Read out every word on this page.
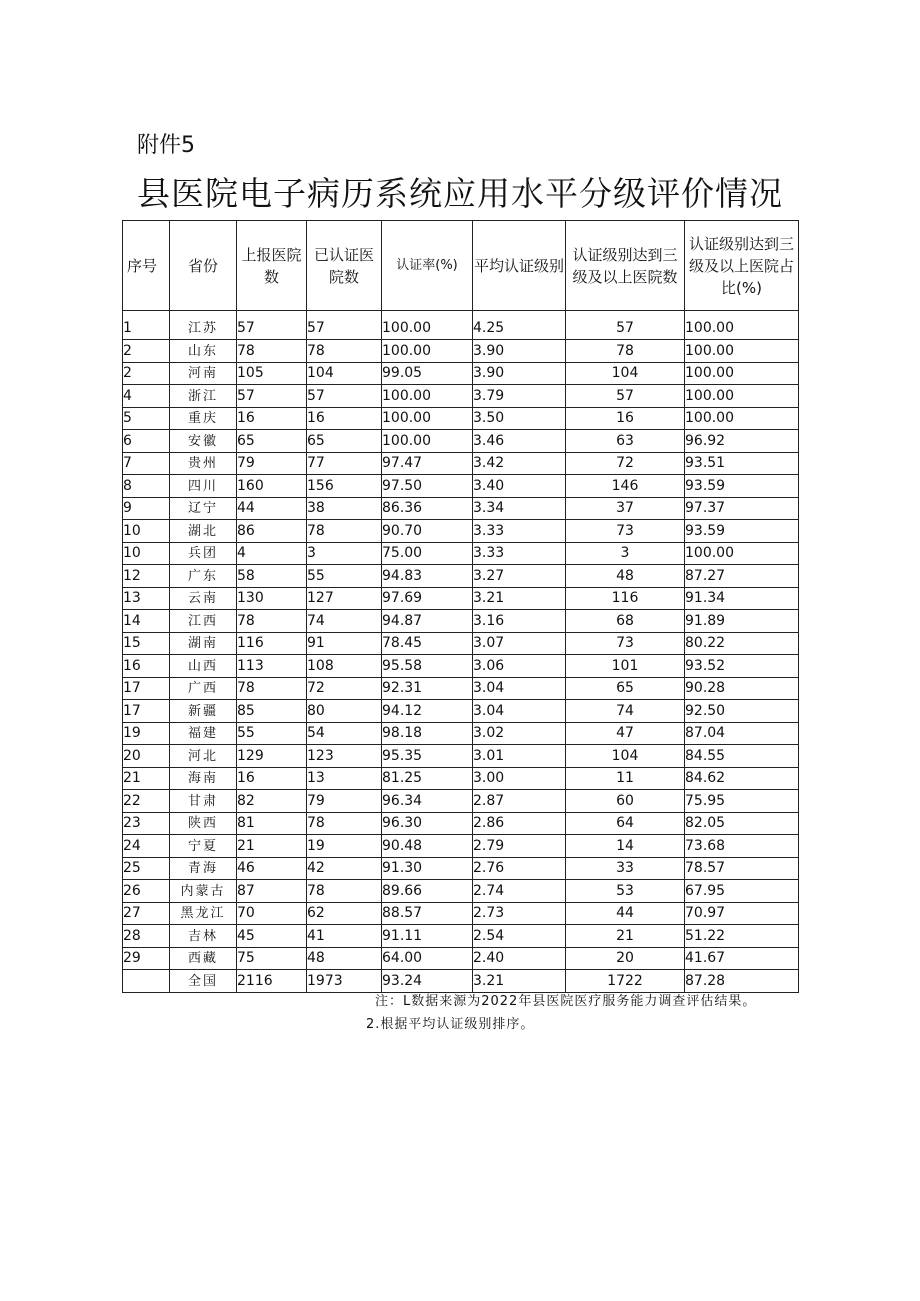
附件5
县医院电子病历系统应用水平分级评价情况
序号	省份	上报医院数	已认证医院数	认证率(%)	平均认证级别	认证级别达到三级及以上医院数	认证级别达到三级及以上医院占比(%)
1	江苏	57	57	100.00	4.25	57	100.00
2	山东	78	78	100.00	3.90	78	100.00
2	河南	105	104	99.05	3.90	104	100.00
4	浙江	57	57	100.00	3.79	57	100.00
5	重庆	16	16	100.00	3.50	16	100.00
6	安徽	65	65	100.00	3.46	63	96.92
7	贵州	79	77	97.47	3.42	72	93.51
8	四川	160	156	97.50	3.40	146	93.59
9	辽宁	44	38	86.36	3.34	37	97.37
10	湖北	86	78	90.70	3.33	73	93.59
10	兵团	4	3	75.00	3.33	3	100.00
12	广东	58	55	94.83	3.27	48	87.27
13	云南	130	127	97.69	3.21	116	91.34
14	江西	78	74	94.87	3.16	68	91.89
15	湖南	116	91	78.45	3.07	73	80.22
16	山西	113	108	95.58	3.06	101	93.52
17	广西	78	72	92.31	3.04	65	90.28
17	新疆	85	80	94.12	3.04	74	92.50
19	福建	55	54	98.18	3.02	47	87.04
20	河北	129	123	95.35	3.01	104	84.55
21	海南	16	13	81.25	3.00	11	84.62
22	甘肃	82	79	96.34	2.87	60	75.95
23	陕西	81	78	96.30	2.86	64	82.05
24	宁夏	21	19	90.48	2.79	14	73.68
25	青海	46	42	91.30	2.76	33	78.57
26	内蒙古	87	78	89.66	2.74	53	67.95
27	黑龙江	70	62	88.57	2.73	44	70.97
28	吉林	45	41	91.11	2.54	21	51.22
29	西藏	75	48	64.00	2.40	20	41.67
	全国	2116	1973	93.24	3.21	1722	87.28
注：L数据来源为2022年县医院医疗服务能力调查评估结果。
2.根据平均认证级别排序。
